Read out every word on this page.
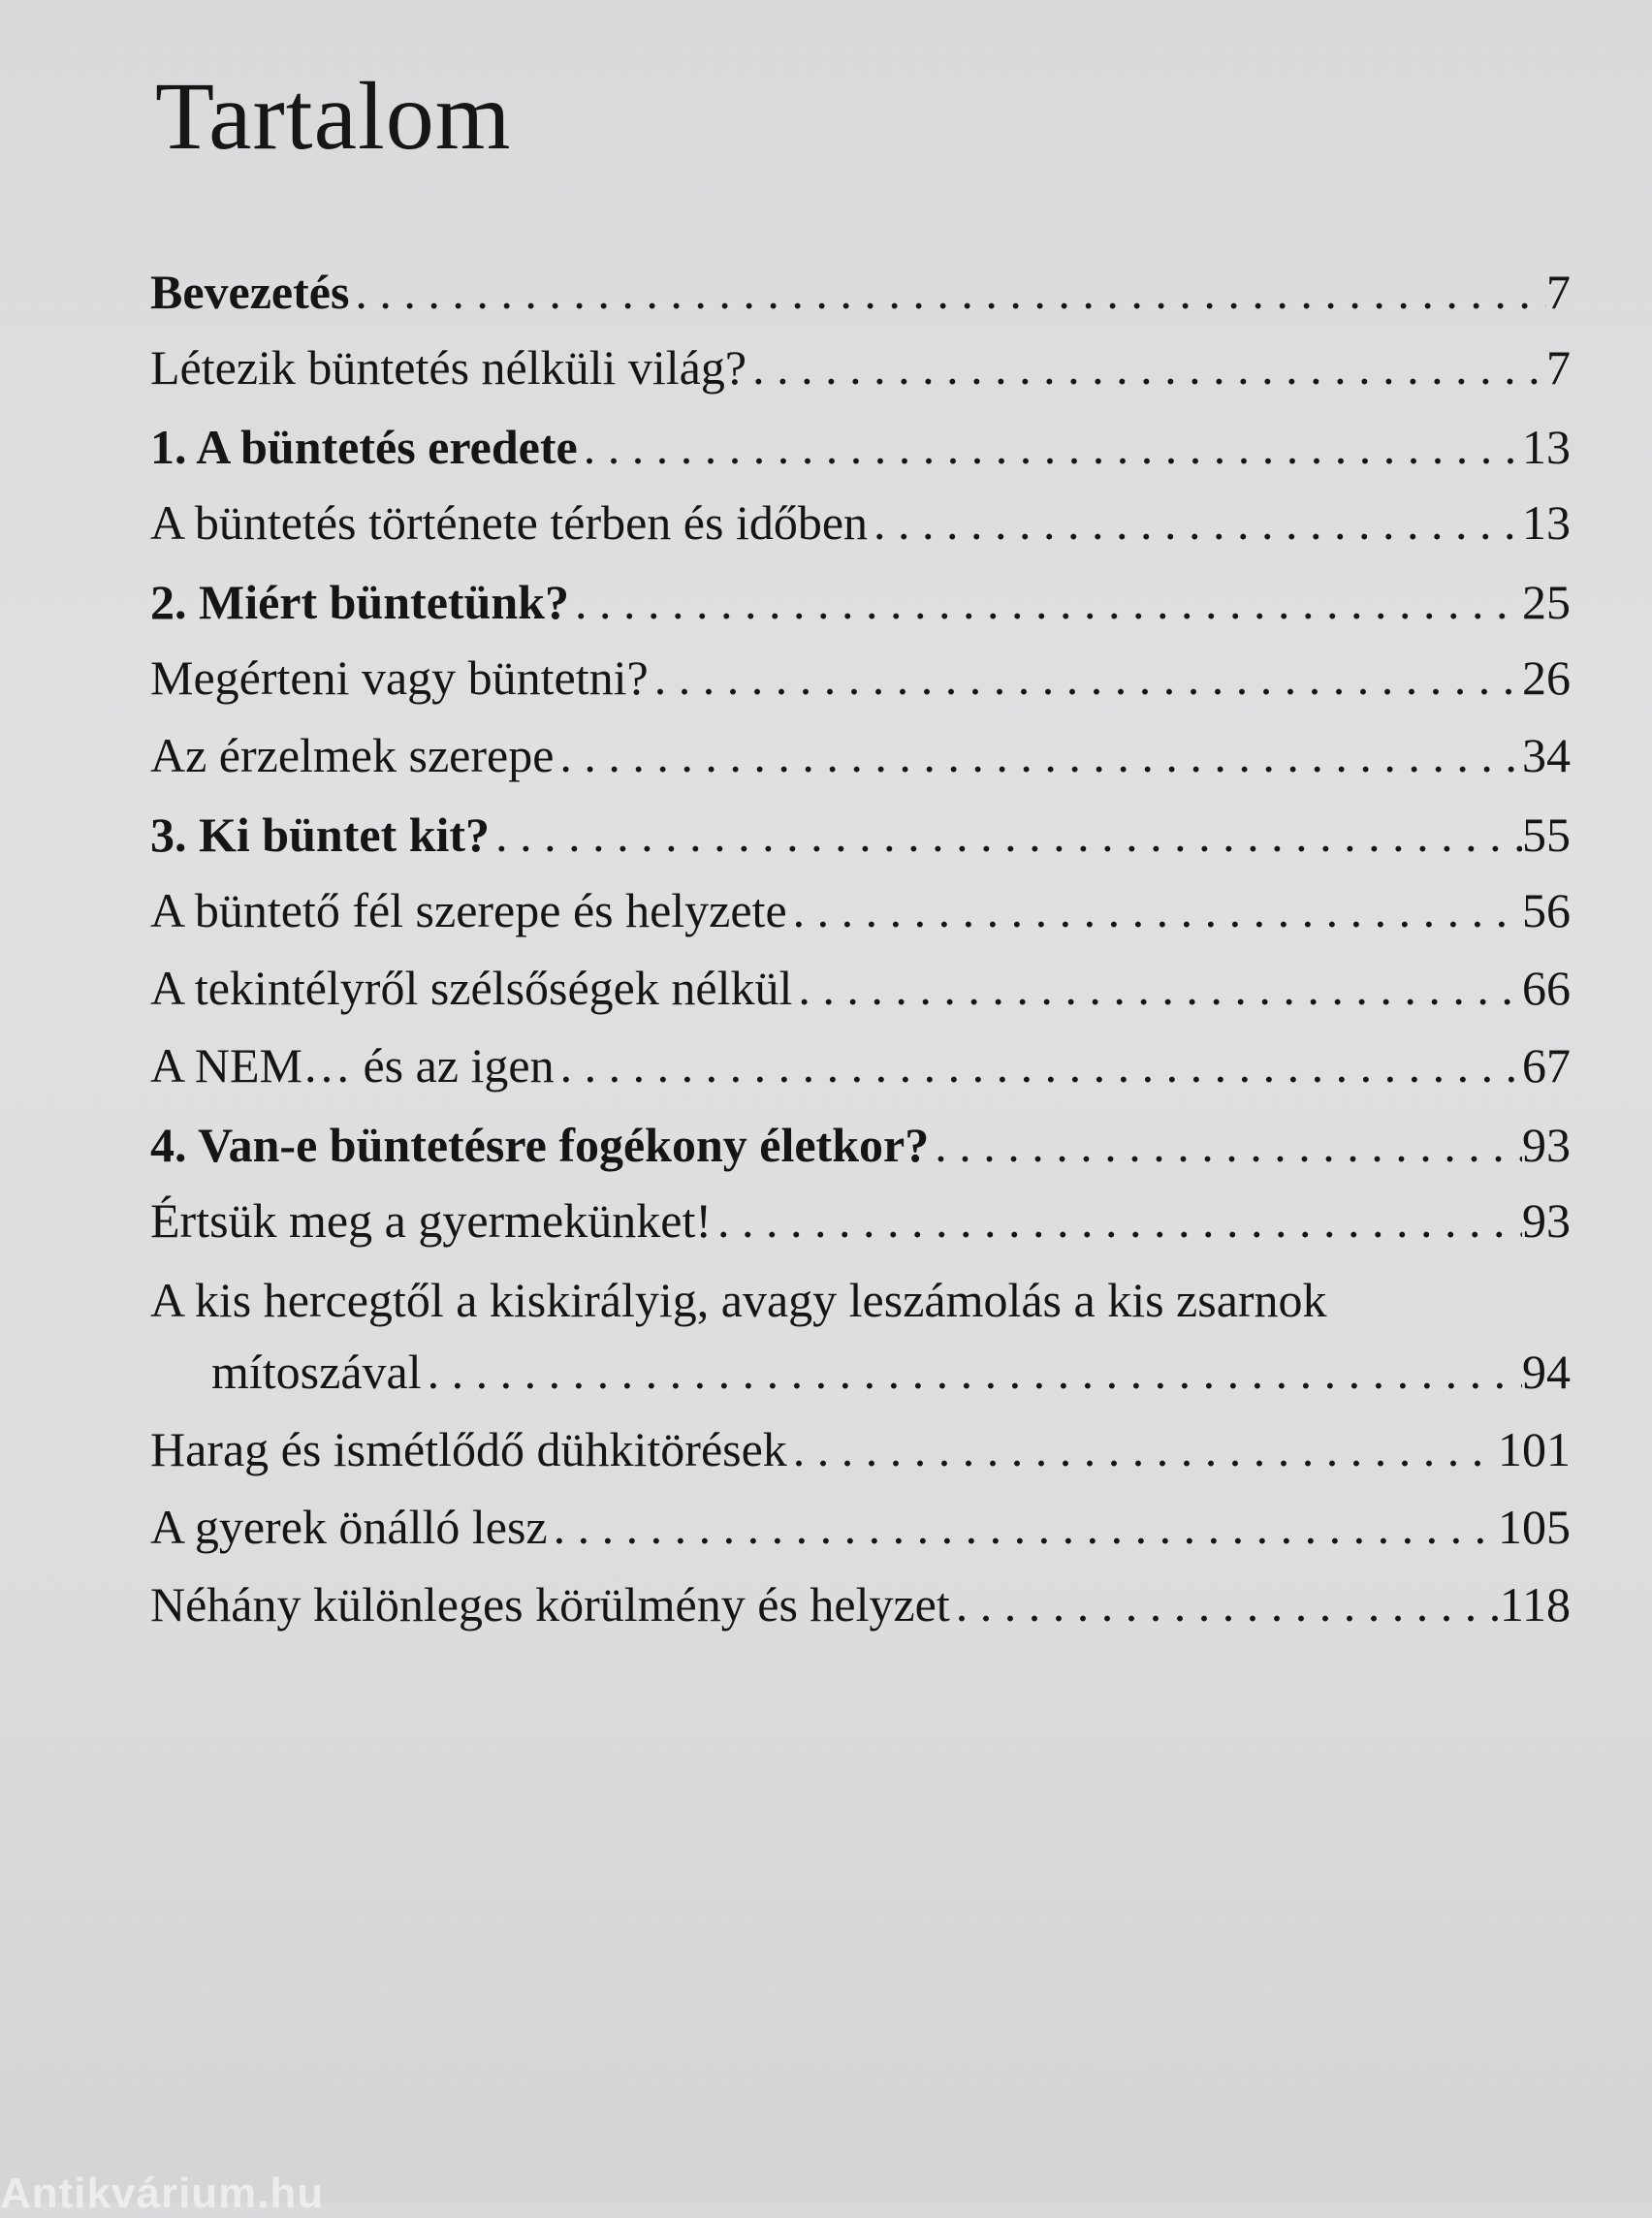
Tartalom
Bevezetés . . .	7
Létezik büntetés nélküli világ? . . .	7
1. A büntetés eredete . . .	13
A büntetés története térben és időben . . .	13
2. Miért büntetünk? . . .	25
Megérteni vagy büntetni? . . .	26
Az érzelmek szerepe . . .	34
3. Ki büntet kit? . . .	55
A büntető fél szerepe és helyzete . . .	56
A tekintélyről szélsőségek nélkül . . .	66
A NEM… és az igen . . .	67
4. Van-e büntetésre fogékony életkor? . . .	93
Értsük meg a gyermekünket! . . .	93
A kis hercegtől a kiskirályig, avagy leszámolás a kis zsarnok
mítoszával . . .	94
Harag és ismétlődő dühkitörések . . .	101
A gyerek önálló lesz . . .	105
Néhány különleges körülmény és helyzet . . .	118
Antikvárium.hu
